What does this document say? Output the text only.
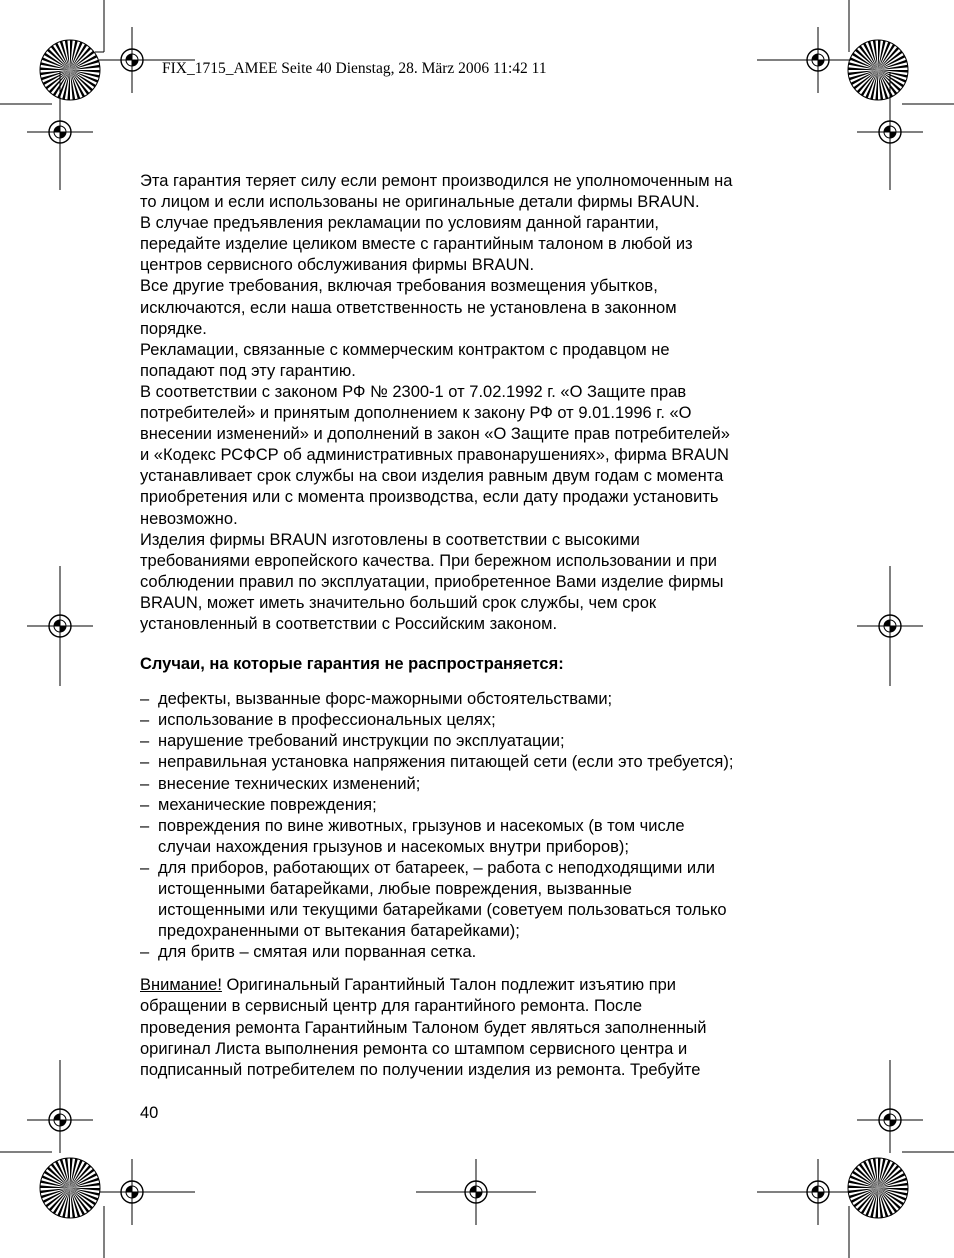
FIX_1715_AMEE Seite 40 Dienstag, 28. März 2006 11:42 11

Эта гарантия теряет силу если ремонт производился не уполномоченным на

то лицом и если использованы не оригинальные детали фирмы BRAUN.

В случае предъявления рекламации по условиям данной гарантии,

передайте изделие целиком вместе с гарантийным талоном в любой из

центров сервисного обслуживания фирмы BRAUN.

Все другие требования, включая требования возмещения убытков,

исключаются, если наша ответственность не установлена в законном

порядке.

Рекламации, связанные с коммерческим контрактом с продавцом не

попадают под эту гарантию.

В соответствии с законом РФ № 2300-1 от 7.02.1992 г. «О Защите прав

потребителей» и принятым дополнением к закону РФ от 9.01.1996 г. «О

внесении изменений» и дополнений в закон «О Защите прав потребителей»

и «Кодекс РСФСР об административных правонарушениях», фирма BRAUN

устанавливает срок службы на свои изделия равным двум годам с момента

приобретения или с момента производства, если дату продажи установить

невозможно.

Изделия фирмы BRAUN изготовлены в соответствии с высокими

требованиями европейского качества. При бережном использовании и при

соблюдении правил по эксплуатации, приобретенное Вами изделие фирмы

BRAUN, может иметь значительно больший срок службы, чем срок

установленный в соответствии с Российским законом.

Случаи, на которые гарантия не распространяется:

– дефекты, вызванные форс-мажорными обстоятельствами;
– использование в профессиональных целях;
– нарушение требований инструкции по эксплуатации;
– неправильная установка напряжения питающей сети (если это требуется);
– внесение технических изменений;
– механические повреждения;
– повреждения по вине животных, грызунов и насекомых (в том числе
случаи нахождения грызунов и насекомых внутри приборов);
– для приборов, работающих от батареек, – работа с неподходящими или
истощенными батарейками, любые повреждения, вызванные
истощенными или текущими батарейками (советуем пользоваться только
предохраненными от вытекания батарейками);
– для бритв – смятая или порванная сетка.

Внимание! Оригинальный Гарантийный Талон подлежит изъятию при

обращении в сервисный центр для гарантийного ремонта. После

проведения ремонта Гарантийным Талоном будет являться заполненный

оригинал Листа выполнения ремонта со штампом сервисного центра и

подписанный потребителем по получении изделия из ремонта. Требуйте

40
